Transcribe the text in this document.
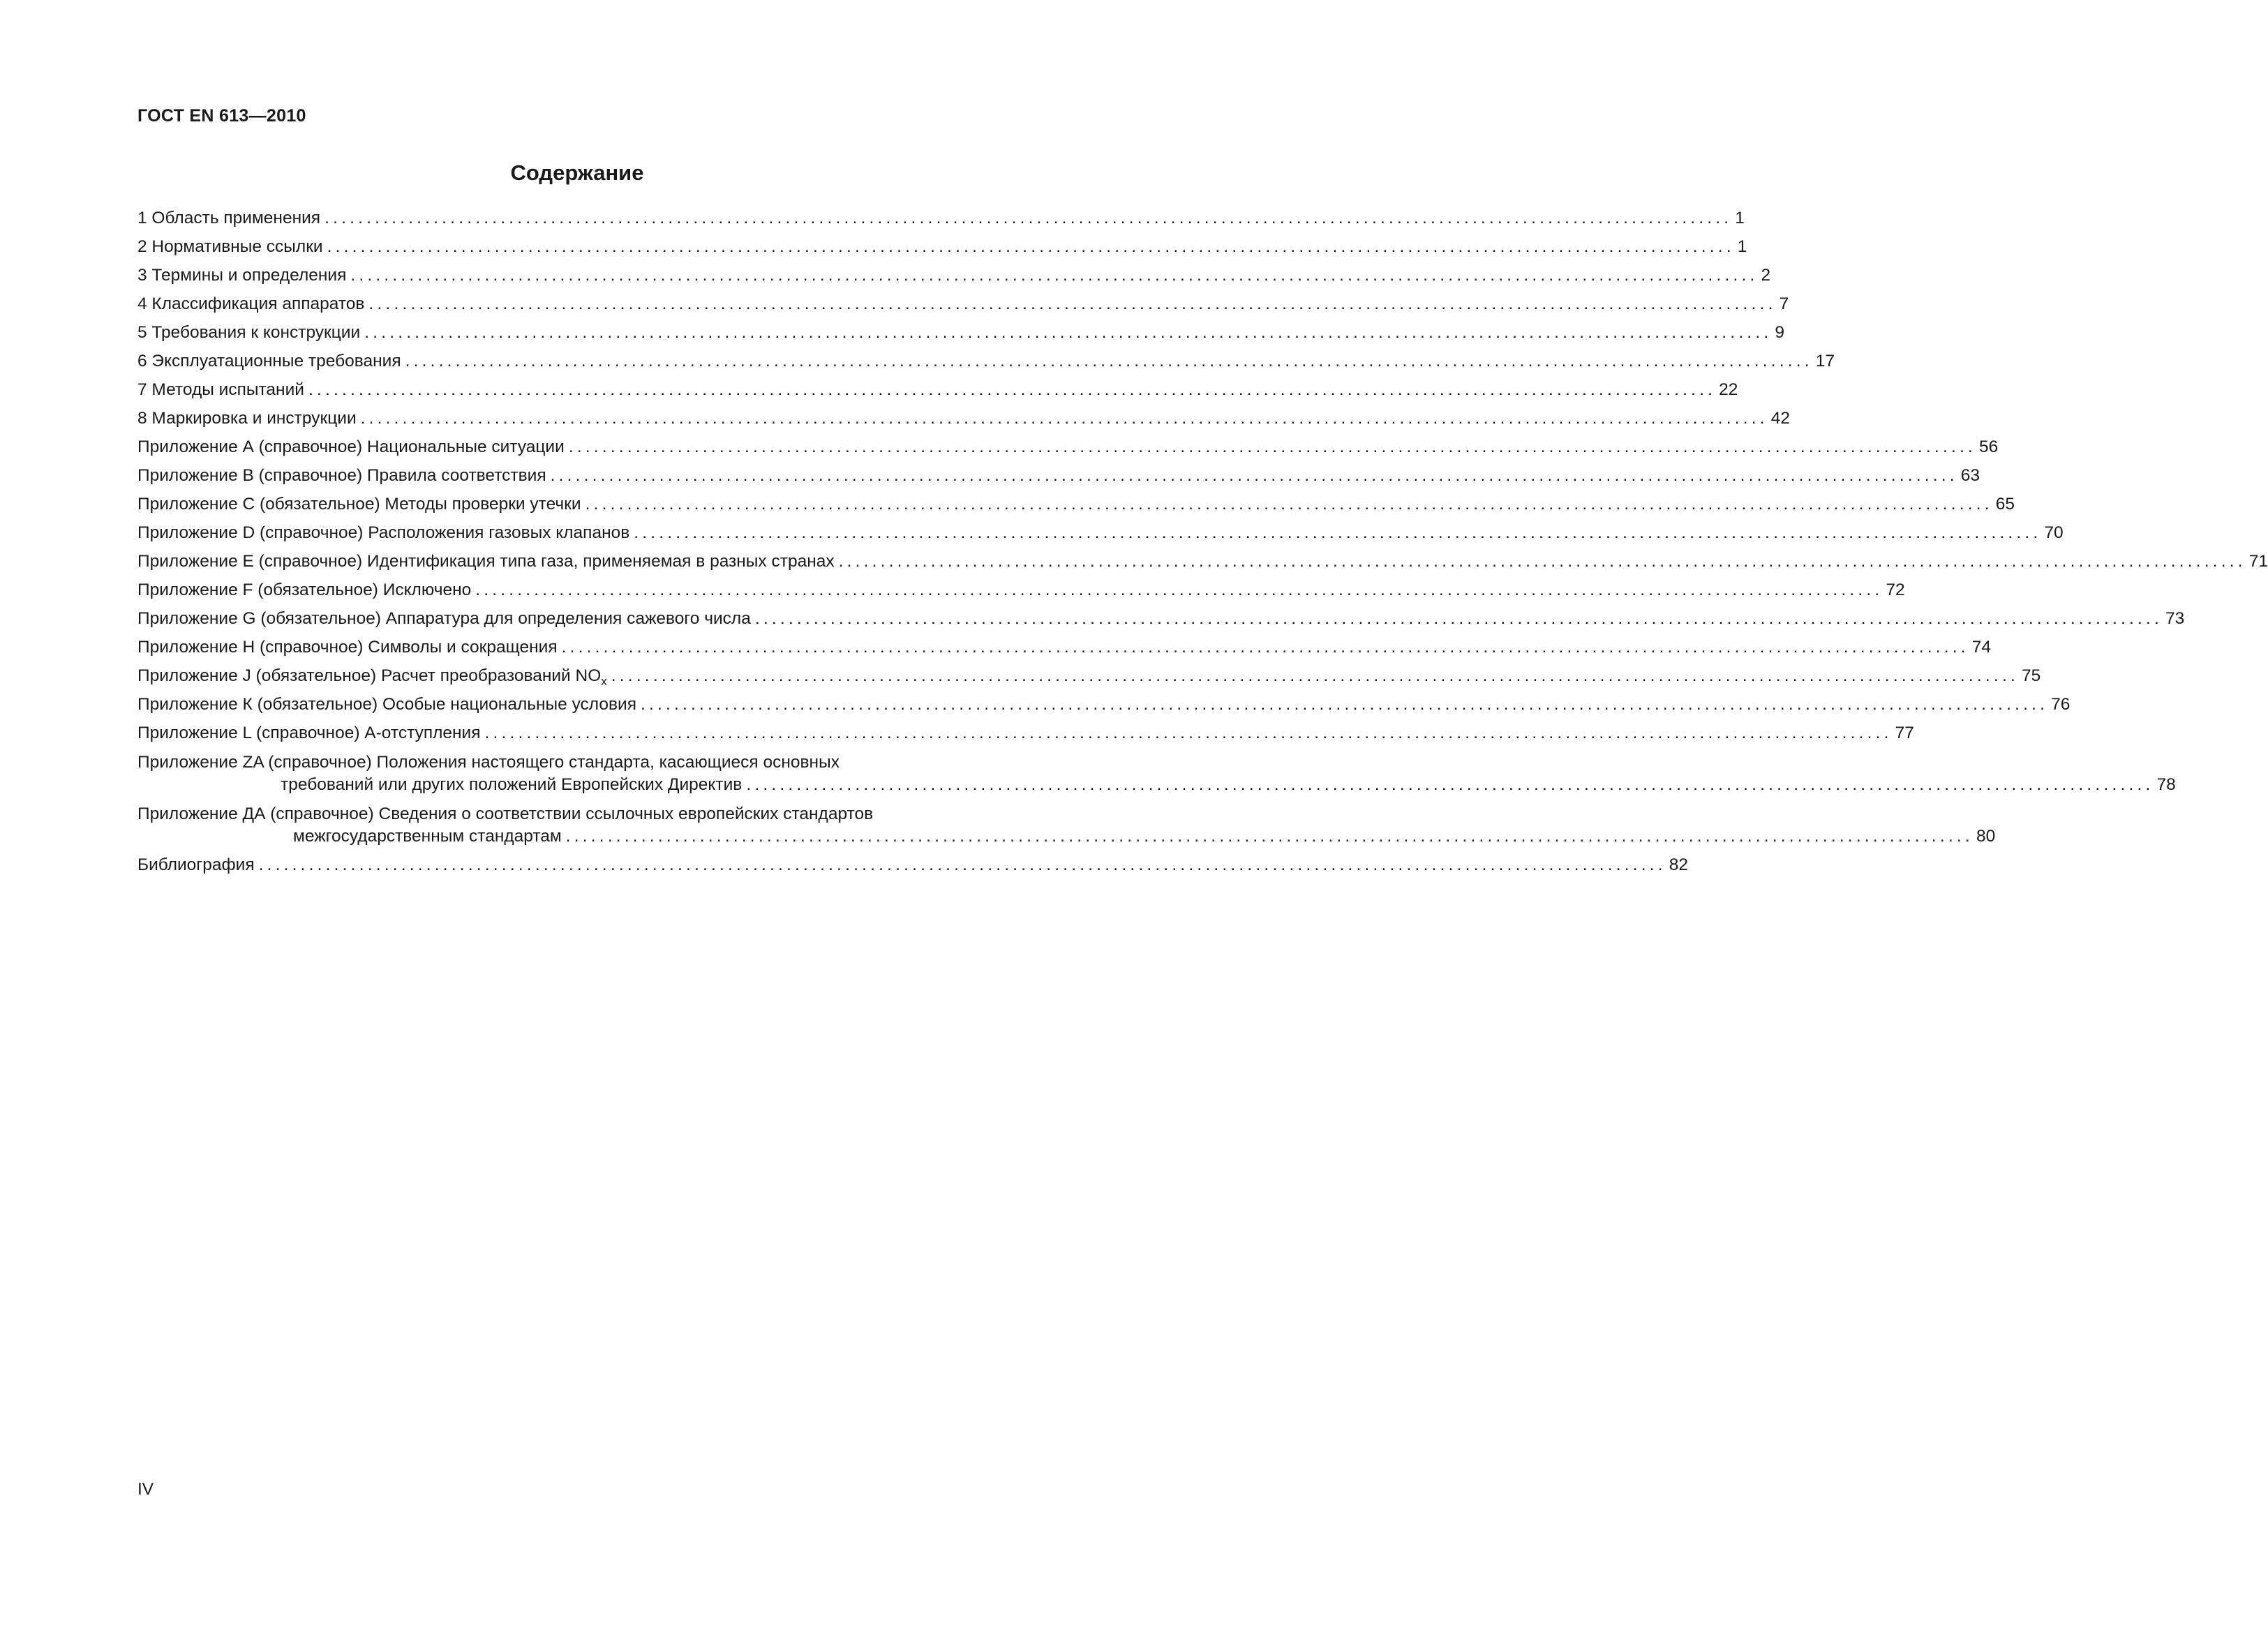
ГОСТ EN 613—2010
Содержание
1 Область применения ........................................................................................................................................................................ 1
2 Нормативные ссылки ........................................................................................................................................................................ 1
3 Термины и определения ........................................................................................................................................................................ 2
4 Классификация аппаратов ........................................................................................................................................................................ 7
5 Требования к конструкции ........................................................................................................................................................................ 9
6 Эксплуатационные требования ........................................................................................................................................................................ 17
7 Методы испытаний ........................................................................................................................................................................ 22
8 Маркировка и инструкции ........................................................................................................................................................................ 42
Приложение А (справочное) Национальные ситуации ........................................................................................................................................................................ 56
Приложение В (справочное) Правила соответствия ........................................................................................................................................................................ 63
Приложение С (обязательное) Методы проверки утечки ........................................................................................................................................................................ 65
Приложение D (справочное) Расположения газовых клапанов ........................................................................................................................................................................ 70
Приложение Е (справочное) Идентификация типа газа, применяемая в разных странах ........................................................................................................................................................................ 71
Приложение F (обязательное) Исключено ........................................................................................................................................................................ 72
Приложение G (обязательное) Аппаратура для определения сажевого числа ........................................................................................................................................................................ 73
Приложение Н (справочное) Символы и сокращения ........................................................................................................................................................................ 74
Приложение J (обязательное) Расчет преобразований $NO_x$ ........................................................................................................................................................................ 75
Приложение К (обязательное) Особые национальные условия ........................................................................................................................................................................ 76
Приложение L (справочное) А-отступления ........................................................................................................................................................................ 77
Приложение ZA (справочное) Положения настоящего стандарта, касающиеся основных
требований или других положений Европейских Директив ........................................................................................................................................................................ 78
Приложение ДА (справочное) Сведения о соответствии ссылочных европейских стандартов
межгосударственным стандартам ........................................................................................................................................................................ 80
Библиография ........................................................................................................................................................................ 82
IV
